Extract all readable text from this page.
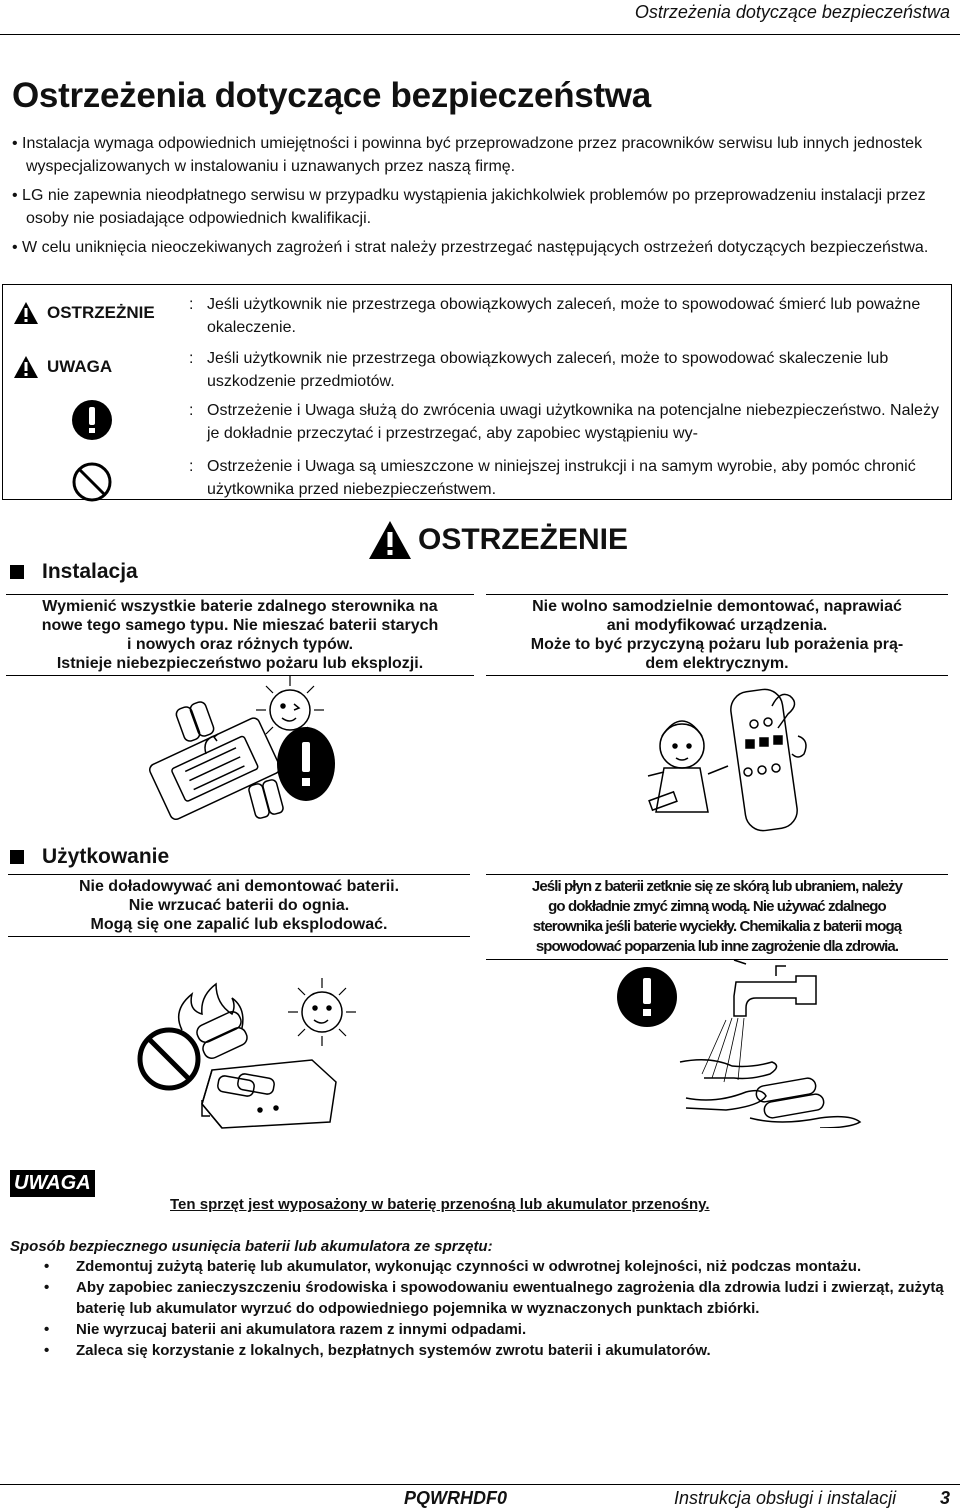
Ostrzeżenia dotyczące bezpieczeństwa
Ostrzeżenia dotyczące bezpieczeństwa

• Instalacja wymaga odpowiednich umiejętności i powinna być przeprowadzone przez pracowników serwisu lub innych jednostek wyspecjalizowanych w instalowaniu i uznawanych przez naszą firmę.

• LG nie zapewnia nieodpłatnego serwisu w przypadku wystąpienia jakichkolwiek problemów po przeprowadzeniu instalacji przez osoby nie posiadające odpowiednich kwalifikacji.

• W celu uniknięcia nieoczekiwanych zagrożeń i strat należy przestrzegać następujących ostrzeżeń dotyczących bezpieczeństwa.

OSTRZEŻNIE
UWAGA
: Jeśli użytkownik nie przestrzega obowiązkowych zaleceń, może to spowodować śmierć lub poważne okaleczenie.
: Jeśli użytkownik nie przestrzega obowiązkowych zaleceń, może to spowodować skaleczenie lub uszkodzenie przedmiotów.
: Ostrzeżenie i Uwaga służą do zwrócenia uwagi użytkownika na potencjalne niebezpieczeństwo. Należy je dokładnie przeczytać i przestrzegać, aby zapobiec wystąpieniu wy-
: Ostrzeżenie i Uwaga są umieszczone w niniejszej instrukcji i na samym wyrobie, aby pomóc chronić użytkownika przed niebezpieczeństwem.
OSTRZEŻENIE
Instalacja
Wymienić wszystkie baterie zdalnego sterownika na
nowe tego samego typu. Nie mieszać baterii starych
i nowych oraz różnych typów.
Istnieje niebezpieczeństwo pożaru lub eksplozji.
Nie wolno samodzielnie demontować, naprawiać
ani modyfikować urządzenia.
Może to być przyczyną pożaru lub porażenia prą-
dem elektrycznym.
Użytkowanie
Nie doładowywać ani demontować baterii.
Nie wrzucać baterii do ognia.
Mogą się one zapalić lub eksplodować.
Jeśli płyn z baterii zetknie się ze skórą lub ubraniem, należy
go dokładnie zmyć zimną wodą. Nie używać zdalnego
sterownika jeśli baterie wyciekły. Chemikalia z baterii mogą
spowodować poparzenia lub inne zagrożenie dla zdrowia.
UWAGA
Ten sprzęt jest wyposażony w baterię przenośną lub akumulator przenośny.
Sposób bezpiecznego usunięcia baterii lub akumulatora ze sprzętu:
• Zdemontuj zużytą baterię lub akumulator, wykonując czynności w odwrotnej kolejności, niż podczas montażu.
• Aby zapobiec zanieczyszczeniu środowiska i spowodowaniu ewentualnego zagrożenia dla zdrowia ludzi i zwierząt, zużytą baterię lub akumulator wyrzuć do odpowiedniego pojemnika w wyznaczonych punktach zbiórki.
• Nie wyrzucaj baterii ani akumulatora razem z innymi odpadami.
• Zaleca się korzystanie z lokalnych, bezpłatnych systemów zwrotu baterii i akumulatorów.
PQWRHDF0	Instrukcja obsługi i instalacji 3
